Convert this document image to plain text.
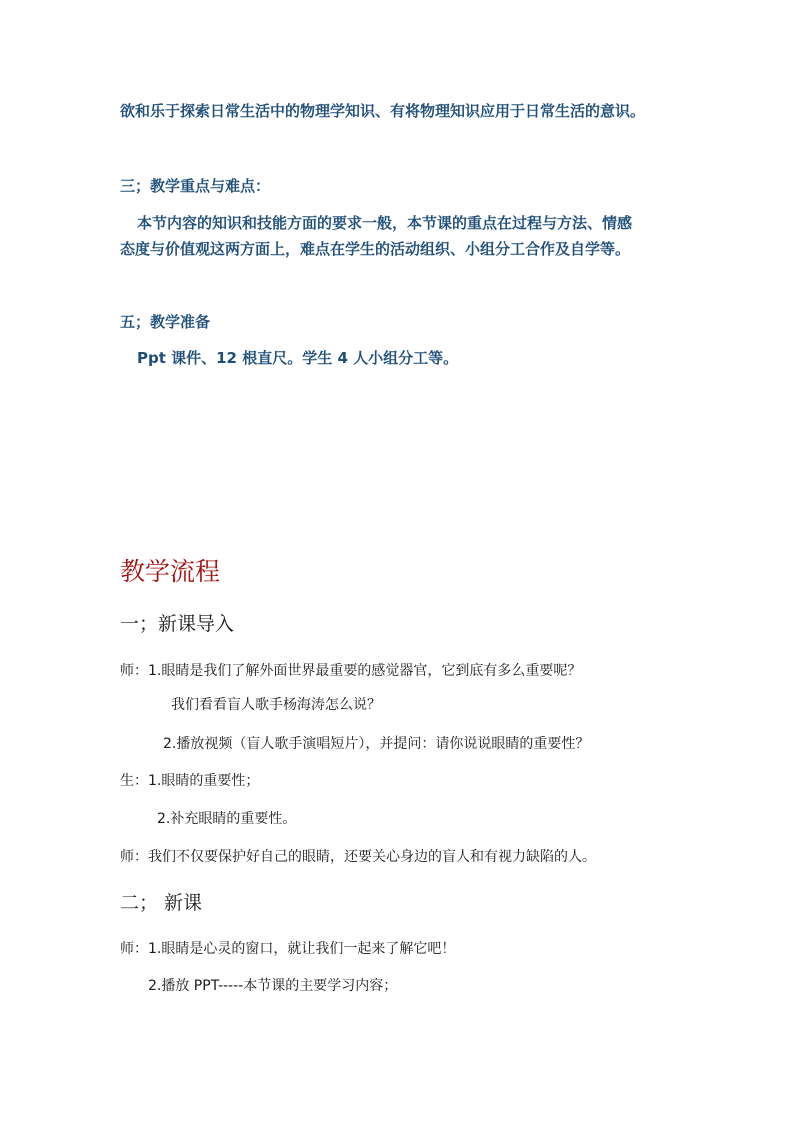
欲和乐于探索日常生活中的物理学知识、有将物理知识应用于日常生活的意识。
三；教学重点与难点：
本节内容的知识和技能方面的要求一般，本节课的重点在过程与方法、情感
态度与价值观这两方面上，难点在学生的活动组织、小组分工合作及自学等。
五；教学准备
Ppt 课件、12 根直尺。学生 4 人小组分工等。
教学流程
一；新课导入
师：1.眼睛是我们了解外面世界最重要的感觉器官，它到底有多么重要呢？
我们看看盲人歌手杨海涛怎么说？
2.播放视频（盲人歌手演唱短片），并提问：请你说说眼睛的重要性？
生：1.眼睛的重要性；
2.补充眼睛的重要性。
师：我们不仅要保护好自己的眼睛，还要关心身边的盲人和有视力缺陷的人。
二； 新课
师：1.眼睛是心灵的窗口，就让我们一起来了解它吧！
2.播放 PPT-----本节课的主要学习内容；
